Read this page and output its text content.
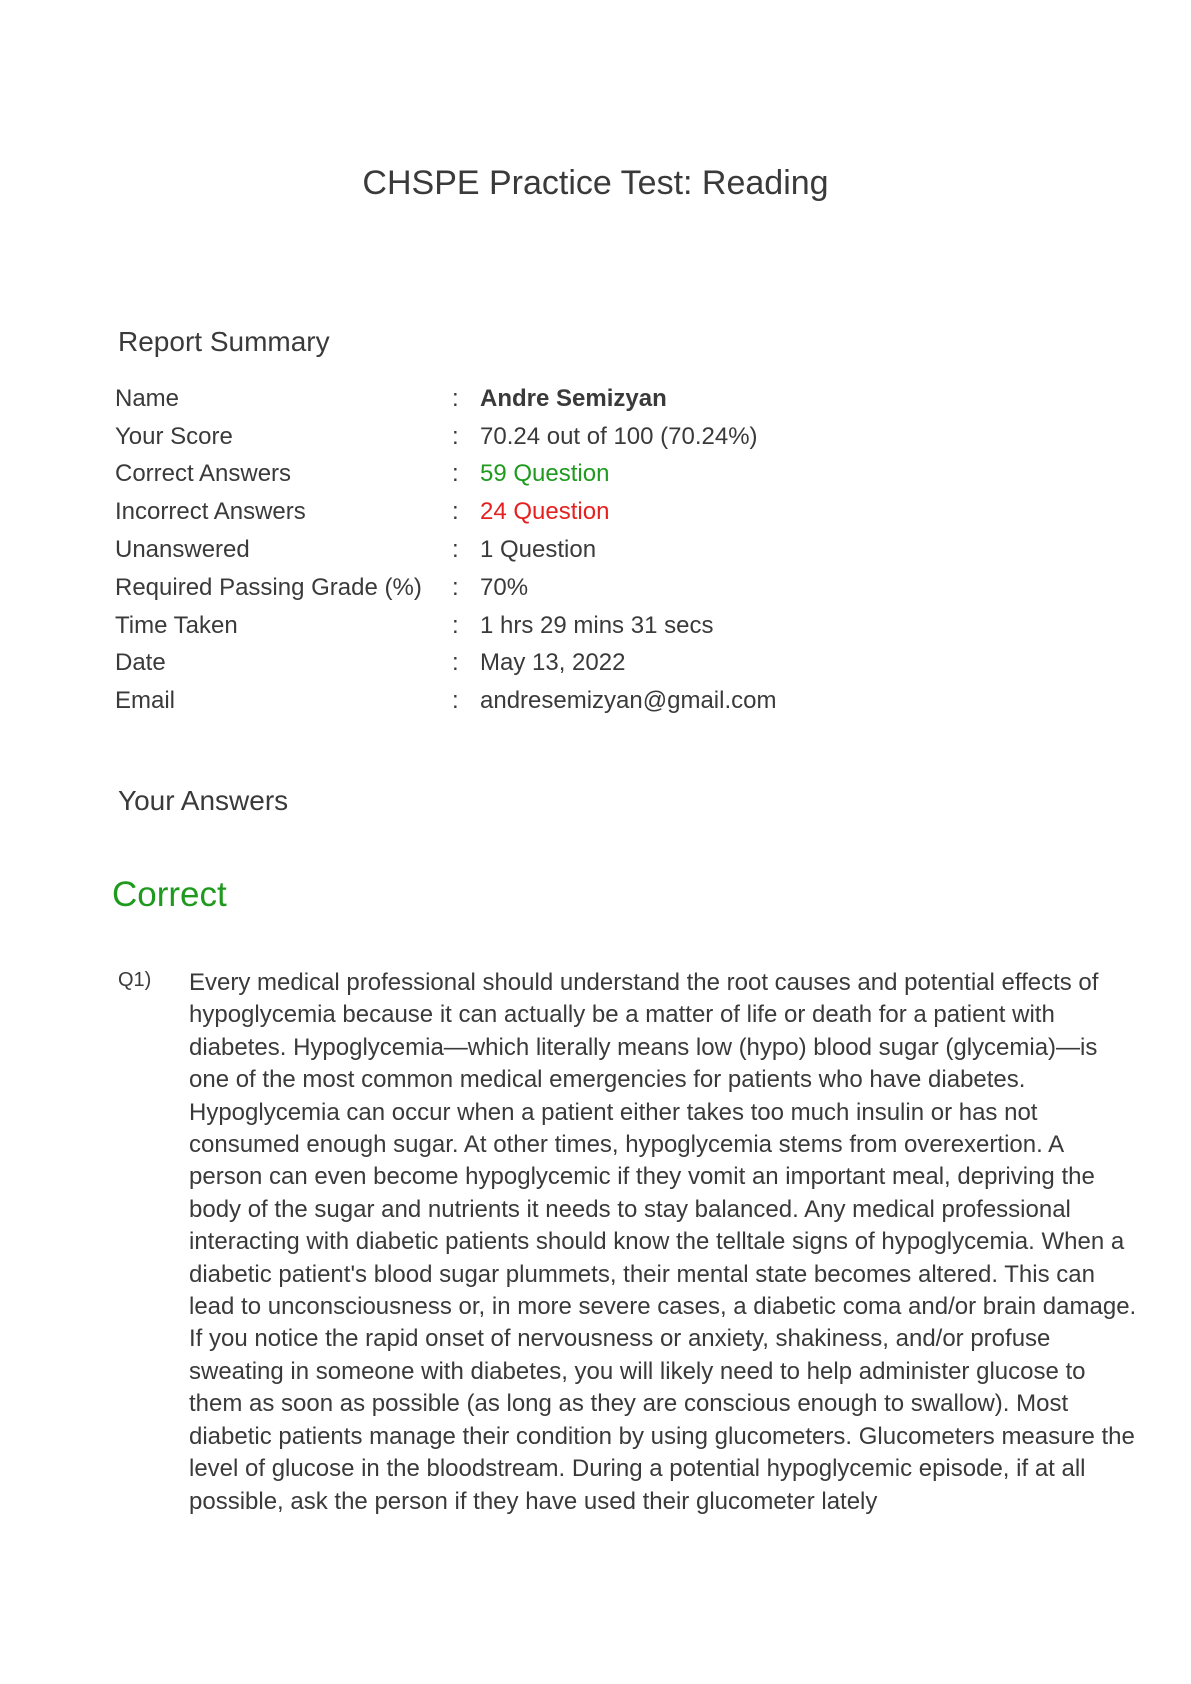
CHSPE Practice Test: Reading
Report Summary
Name	: Andre Semizyan
Your Score	: 70.24 out of 100 (70.24%)
Correct Answers	: 59 Question
Incorrect Answers	: 24 Question
Unanswered	: 1 Question
Required Passing Grade (%)	: 70%
Time Taken	: 1 hrs 29 mins 31 secs
Date	: May 13, 2022
Email	: andresemizyan@gmail.com
Your Answers
Correct
Q1) Every medical professional should understand the root causes and potential effects of hypoglycemia because it can actually be a matter of life or death for a patient with diabetes. Hypoglycemia—which literally means low (hypo) blood sugar (glycemia)—is one of the most common medical emergencies for patients who have diabetes. Hypoglycemia can occur when a patient either takes too much insulin or has not consumed enough sugar. At other times, hypoglycemia stems from overexertion. A person can even become hypoglycemic if they vomit an important meal, depriving the body of the sugar and nutrients it needs to stay balanced. Any medical professional interacting with diabetic patients should know the telltale signs of hypoglycemia. When a diabetic patient's blood sugar plummets, their mental state becomes altered. This can lead to unconsciousness or, in more severe cases, a diabetic coma and/or brain damage. If you notice the rapid onset of nervousness or anxiety, shakiness, and/or profuse sweating in someone with diabetes, you will likely need to help administer glucose to them as soon as possible (as long as they are conscious enough to swallow). Most diabetic patients manage their condition by using glucometers. Glucometers measure the level of glucose in the bloodstream. During a potential hypoglycemic episode, if at all possible, ask the person if they have used their glucometer lately
